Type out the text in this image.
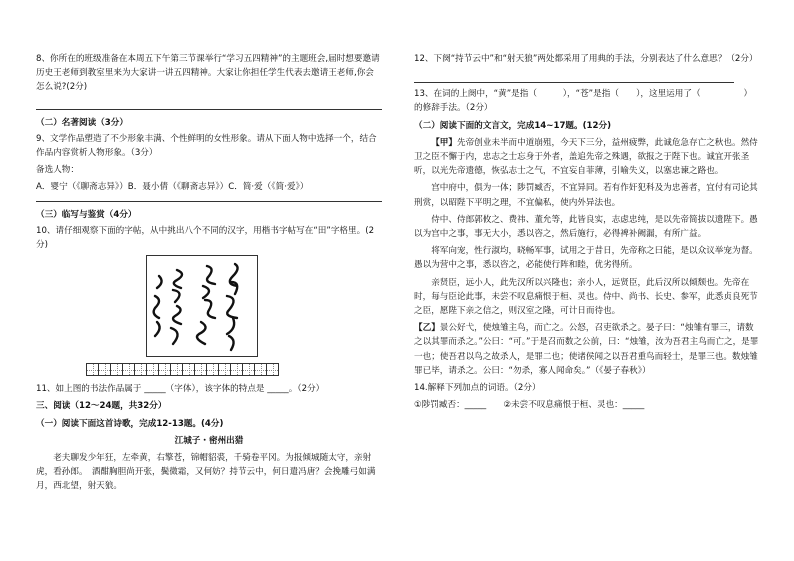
8、你所在的班级准备在本周五下午第三节课举行“学习五四精神”的主题班会,届时想要邀请历史王老师到教室里来为大家讲一讲五四精神。大家让你担任学生代表去邀请王老师,你会怎么说?(2分)

（二）名著阅读（3分）

9、文学作品塑造了不少形象丰满、个性鲜明的女性形象。请从下面人物中选择一个，结合作品内容赏析人物形象。（3分）

备选人物：

A．婴宁（《聊斋志异》）B．聂小倩（《聊斋志异》）C．简·爱（《简·爱》）

（三）临写与鉴赏（4分）

10、请仔细观察下面的字帖，从中挑出八个不同的汉字，用楷书字帖写在“田”字格里。(2分)

11、如上图的书法作品属于 _____（字体），该字体的特点是 _____。（2分）

三、阅读（12～24题，共32分）

（一）阅读下面这首诗歌，完成12-13题。(4分)

江城子・密州出猎

老夫聊发少年狂，左牵黄，右擎苍，锦帽貂裘，千骑卷平冈。为报倾城随太守，亲射虎，看孙郎。　酒酣胸胆尚开张，鬓微霜，又何妨？持节云中，何日遣冯唐？会挽雕弓如满月，西北望，射天狼。

12、下阕“持节云中”和“射天狼”两处都采用了用典的手法，分别表达了什么意思？（2分）

13、在词的上阕中，“黄”是指（　　　），“苍”是指（　　），这里运用了（　　　　　）的修辞手法。（2分）

（二）阅读下面的文言文，完成14~17题。(12分)

【甲】先帝创业未半而中道崩殂，今天下三分，益州疲弊，此诚危急存亡之秋也。然侍卫之臣不懈于内，忠志之士忘身于外者，盖追先帝之殊遇，欲报之于陛下也。诚宜开张圣听，以光先帝遗德，恢弘志士之气，不宜妄自菲薄，引喻失义，以塞忠谏之路也。

宫中府中，俱为一体；陟罚臧否，不宜异同。若有作奸犯科及为忠善者，宜付有司论其刑赏，以昭陛下平明之理，不宜偏私，使内外异法也。

侍中、侍郎郭攸之、费祎、董允等，此皆良实，志虑忠纯，是以先帝简拔以遗陛下。愚以为宫中之事，事无大小，悉以咨之，然后施行，必得裨补阙漏，有所广益。

将军向宠，性行淑均，晓畅军事，试用之于昔日，先帝称之曰能，是以众议举宠为督。愚以为营中之事，悉以咨之，必能使行阵和睦，优劣得所。

亲贤臣，远小人，此先汉所以兴隆也；亲小人，远贤臣，此后汉所以倾颓也。先帝在时，每与臣论此事，未尝不叹息痛恨于桓、灵也。侍中、尚书、长史、参军，此悉贞良死节之臣，愿陛下亲之信之，则汉室之隆，可计日而待也。

【乙】景公好弋，使烛雏主鸟，而亡之。公怒，召吏欲杀之。晏子曰：“烛雏有罪三，请数之以其罪而杀之。”公曰：“可。”于是召而数之公前，曰：“烛雏，汝为吾君主鸟而亡之，是罪一也；使吾君以鸟之故杀人，是罪二也；使诸侯闻之以吾君重鸟而轻士，是罪三也。数烛雏罪已毕，请杀之。公曰：“勿杀，寡人闻命矣。”（《晏子春秋》）

14.解释下列加点的词语。（2分）

①陟罚臧否：_____　　②未尝不叹息痛恨于桓、灵也：_____
